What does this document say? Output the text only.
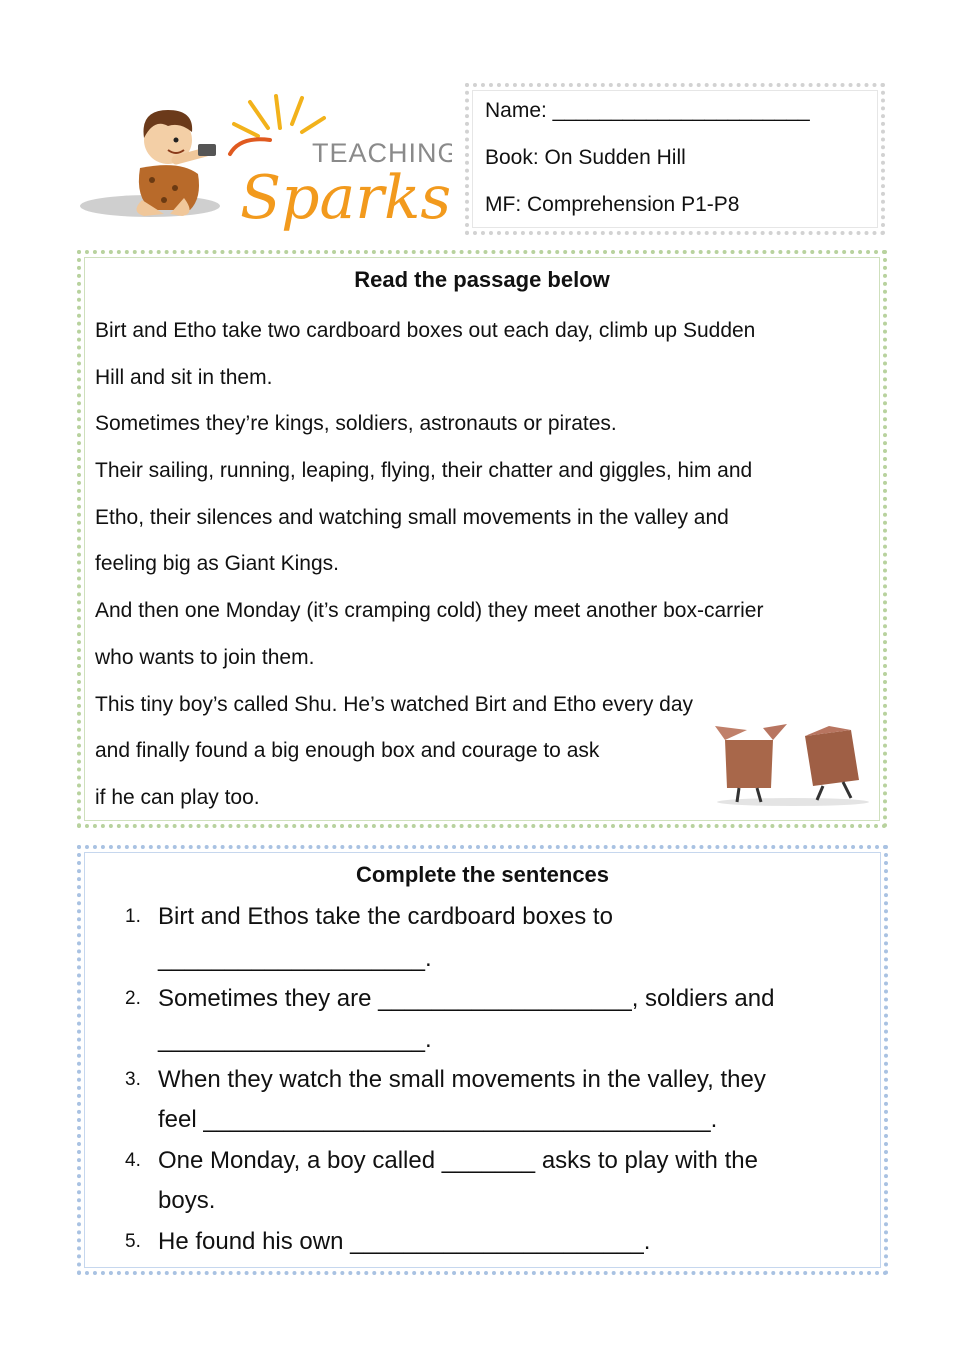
TEACHING
Sparks
Name: ______________________
Book: On Sudden Hill
MF: Comprehension P1-P8
Read the passage below
Birt and Etho take two cardboard boxes out each day, climb up Sudden
Hill and sit in them.
Sometimes they’re kings, soldiers, astronauts or pirates.
Their sailing, running, leaping, flying, their chatter and giggles, him and
Etho, their silences and watching small movements in the valley and
feeling big as Giant Kings.
And then one Monday (it’s cramping cold) they meet another box-carrier
who wants to join them.
This tiny boy’s called Shu. He’s watched Birt and Etho every day
and finally found a big enough box and courage to ask
if he can play too.
Complete the sentences
1. Birt and Ethos take the cardboard boxes to
____________________.
2. Sometimes they are ___________________, soldiers and
____________________.
3. When they watch the small movements in the valley, they
feel ______________________________________.
4. One Monday, a boy called _______ asks to play with the
boys.
5. He found his own ______________________.
